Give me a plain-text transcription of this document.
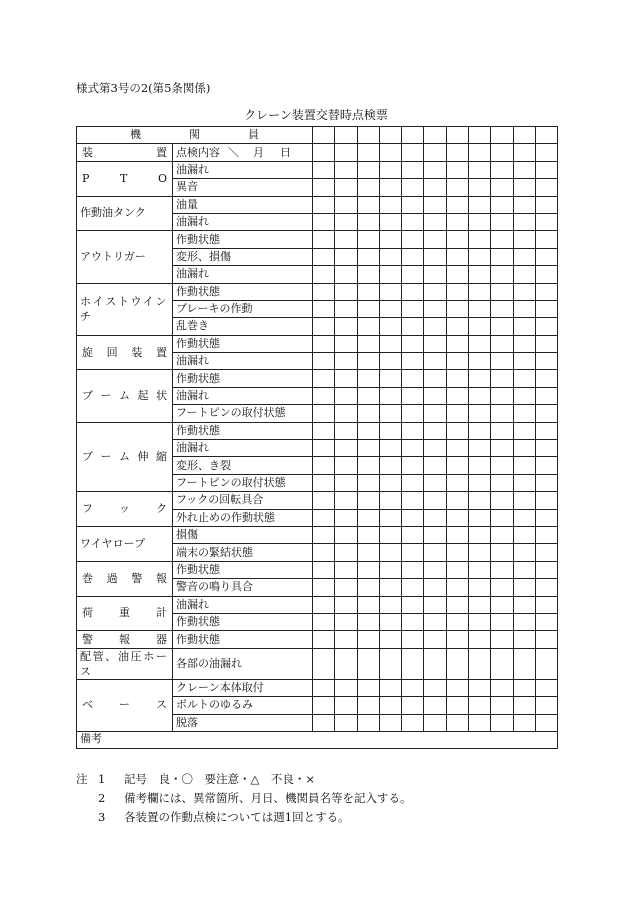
様式第3号の2(第5条関係)
クレーン装置交替時点検票
機 関 員												

装 置	点検内容 ＼ 月 日											

P T O	油漏れ											
	異音											
作動油タンク	油量											
	油漏れ											
アウトリガー	作動状態											
	変形、損傷											
	油漏れ											
ホイストウインチ	作動状態											
	ブレーキの作動											
	乱巻き											

旋 回 装 置	作動状態											
	油漏れ											

ブ ー ム 起 状	作動状態											
	油漏れ											
	フートピンの取付状態											

ブ ー ム 伸 縮	作動状態											
	油漏れ											
	変形、き裂											
	フートピンの取付状態											

フ ッ ク	フックの回転具合											
	外れ止めの作動状態											
ワイヤロープ	損傷											
	端末の緊結状態											

巻 過 警 報	作動状態											
	警音の鳴り具合											

荷 重 計	油漏れ											
	作動状態											

警 報 器	作動状態											
配管、油圧ホース	各部の油漏れ											

ベ ー ス	クレーン本体取付											
	ボルトのゆるみ											
	脱落											
備考												
注 1	記号　良・〇　要注意・△　不良・×
2	備考欄には、異常箇所、月日、機関員名等を記入する。
3	各装置の作動点検については週1回とする。
